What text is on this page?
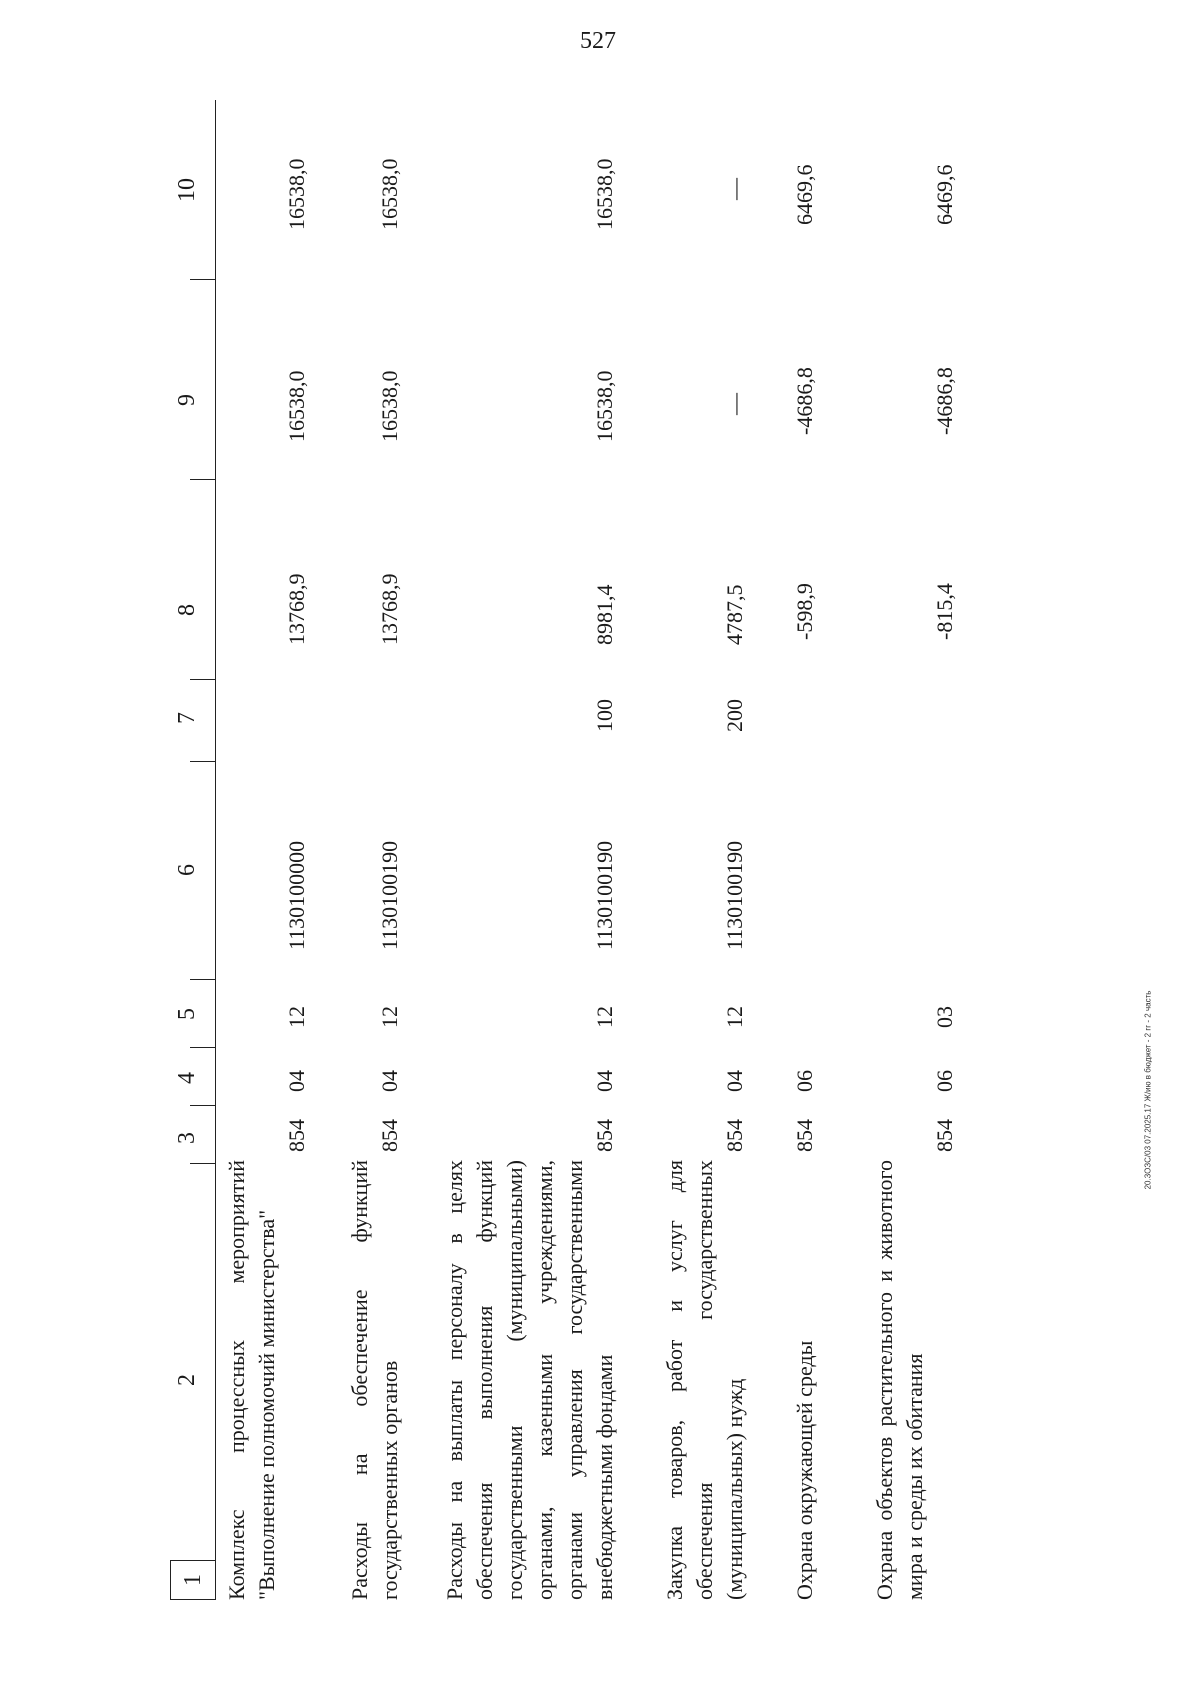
527
20.3ОЗС/03 07.2025.17 Ж/ию в бюджет - 2 гг - 2 часть
1
2
3
4
5
6
7
8
9
10
Комплекс процессных мероприятий "Выполнение полномочий министерства"
854
04
12
1130100000
13768,9
16538,0
16538,0
Расходы на обеспечение функций государственных органов
854
04
12
1130100190
13768,9
16538,0
16538,0
Расходы на выплаты персоналу в целях обеспечения выполнения функций государственными (муниципальными) органами, казенными учреждениями, органами управления государственными внебюджетными фондами
854
04
12
1130100190
100
8981,4
16538,0
16538,0
Закупка товаров, работ и услуг для обеспечения государственных (муниципальных) нужд
854
04
12
1130100190
200
4787,5
—
—
Охрана окружающей среды
854
06
-598,9
-4686,8
6469,6
Охрана объектов растительного и животного мира и среды их обитания
854
06
03
-815,4
-4686,8
6469,6
